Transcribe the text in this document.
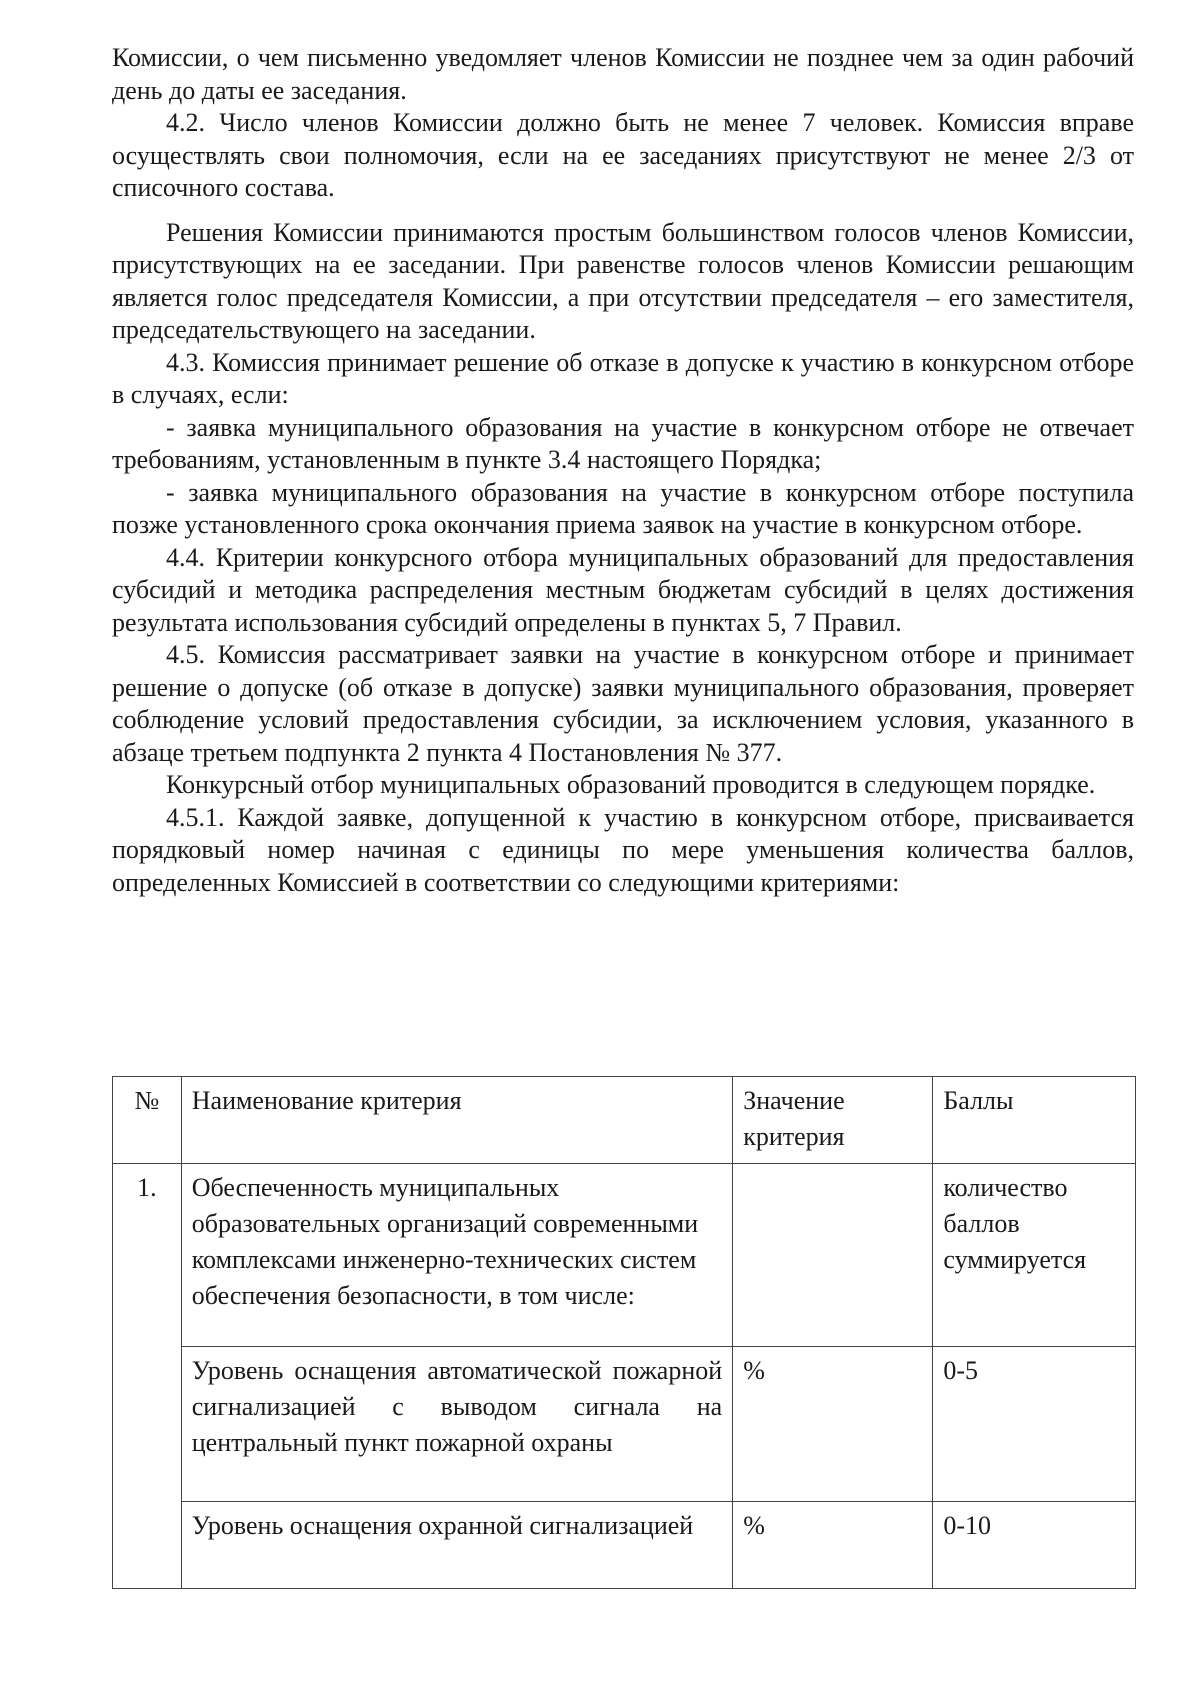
Комиссии, о чем письменно уведомляет членов Комиссии не позднее чем за один рабочий день до даты ее заседания.

4.2. Число членов Комиссии должно быть не менее 7 человек. Комиссия вправе осуществлять свои полномочия, если на ее заседаниях присутствуют не менее 2/3 от списочного состава.

Решения Комиссии принимаются простым большинством голосов членов Комиссии, присутствующих на ее заседании. При равенстве голосов членов Комиссии решающим является голос председателя Комиссии, а при отсутствии председателя – его заместителя, председательствующего на заседании.

4.3. Комиссия принимает решение об отказе в допуске к участию в конкурсном отборе в случаях, если:

- заявка муниципального образования на участие в конкурсном отборе не отвечает требованиям, установленным в пункте 3.4 настоящего Порядка;

- заявка муниципального образования на участие в конкурсном отборе поступила позже установленного срока окончания приема заявок на участие в конкурсном отборе.

4.4. Критерии конкурсного отбора муниципальных образований для предоставления субсидий и методика распределения местным бюджетам субсидий в целях достижения результата использования субсидий определены в пунктах 5, 7 Правил.

4.5. Комиссия рассматривает заявки на участие в конкурсном отборе и принимает решение о допуске (об отказе в допуске) заявки муниципального образования, проверяет соблюдение условий предоставления субсидии, за исключением условия, указанного в абзаце третьем подпункта 2 пункта 4 Постановления № 377.

Конкурсный отбор муниципальных образований проводится в следующем порядке.

4.5.1. Каждой заявке, допущенной к участию в конкурсном отборе, присваивается порядковый номер начиная с единицы по мере уменьшения количества баллов, определенных Комиссией в соответствии со следующими критериями:

№	Наименование критерия	Значение критерия	Баллы
1.	Обеспеченность муниципальных образовательных организаций современными комплексами инженерно-технических систем обеспечения безопасности, в том числе:		количество баллов суммируется
	Уровень оснащения автоматической пожарной сигнализацией с выводом сигнала на центральный пункт пожарной охраны	%	0-5
	Уровень оснащения охранной сигнализацией	%	0-10
